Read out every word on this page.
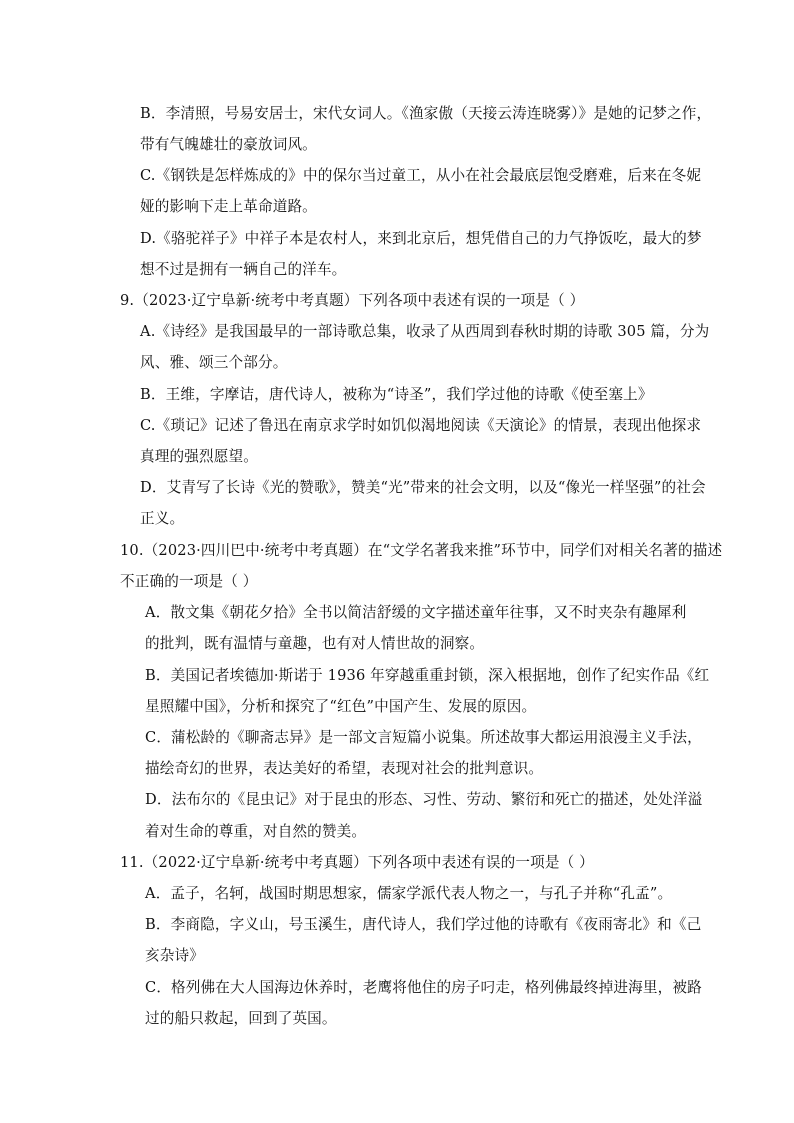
B．李清照，号易安居士，宋代女词人。《渔家傲（天接云涛连晓雾）》是她的记梦之作，
带有气魄雄壮的豪放词风。
C.《钢铁是怎样炼成的》中的保尔当过童工，从小在社会最底层饱受磨难，后来在冬妮
娅的影响下走上革命道路。
D.《骆驼祥子》中祥子本是农村人，来到北京后，想凭借自己的力气挣饭吃，最大的梦
想不过是拥有一辆自己的洋车。
9.（2023·辽宁阜新·统考中考真题）下列各项中表述有误的一项是（ ）
A.《诗经》是我国最早的一部诗歌总集，收录了从西周到春秋时期的诗歌 305 篇，分为
风、雅、颂三个部分。
B．王维，字摩诘，唐代诗人，被称为“诗圣”，我们学过他的诗歌《使至塞上》
C.《琐记》记述了鲁迅在南京求学时如饥似渴地阅读《天演论》的情景，表现出他探求
真理的强烈愿望。
D．艾青写了长诗《光的赞歌》，赞美“光”带来的社会文明，以及“像光一样坚强”的社会
正义。
10.（2023·四川巴中·统考中考真题）在“文学名著我来推”环节中，同学们对相关名著的描述
不正确的一项是（ ）
A．散文集《朝花夕拾》全书以简洁舒缓的文字描述童年往事，又不时夹杂有趣犀利
的批判，既有温情与童趣，也有对人情世故的洞察。
B．美国记者埃德加·斯诺于 1936 年穿越重重封锁，深入根据地，创作了纪实作品《红
星照耀中国》，分析和探究了“红色”中国产生、发展的原因。
C．蒲松龄的《聊斋志异》是一部文言短篇小说集。所述故事大都运用浪漫主义手法，
描绘奇幻的世界，表达美好的希望，表现对社会的批判意识。
D．法布尔的《昆虫记》对于昆虫的形态、习性、劳动、繁衍和死亡的描述，处处洋溢
着对生命的尊重，对自然的赞美。
11.（2022·辽宁阜新·统考中考真题）下列各项中表述有误的一项是（ ）
A．孟子，名轲，战国时期思想家，儒家学派代表人物之一，与孔子并称“孔孟”。
B．李商隐，字义山，号玉溪生，唐代诗人，我们学过他的诗歌有《夜雨寄北》和《己
亥杂诗》
C．格列佛在大人国海边休养时，老鹰将他住的房子叼走，格列佛最终掉进海里，被路
过的船只救起，回到了英国。
